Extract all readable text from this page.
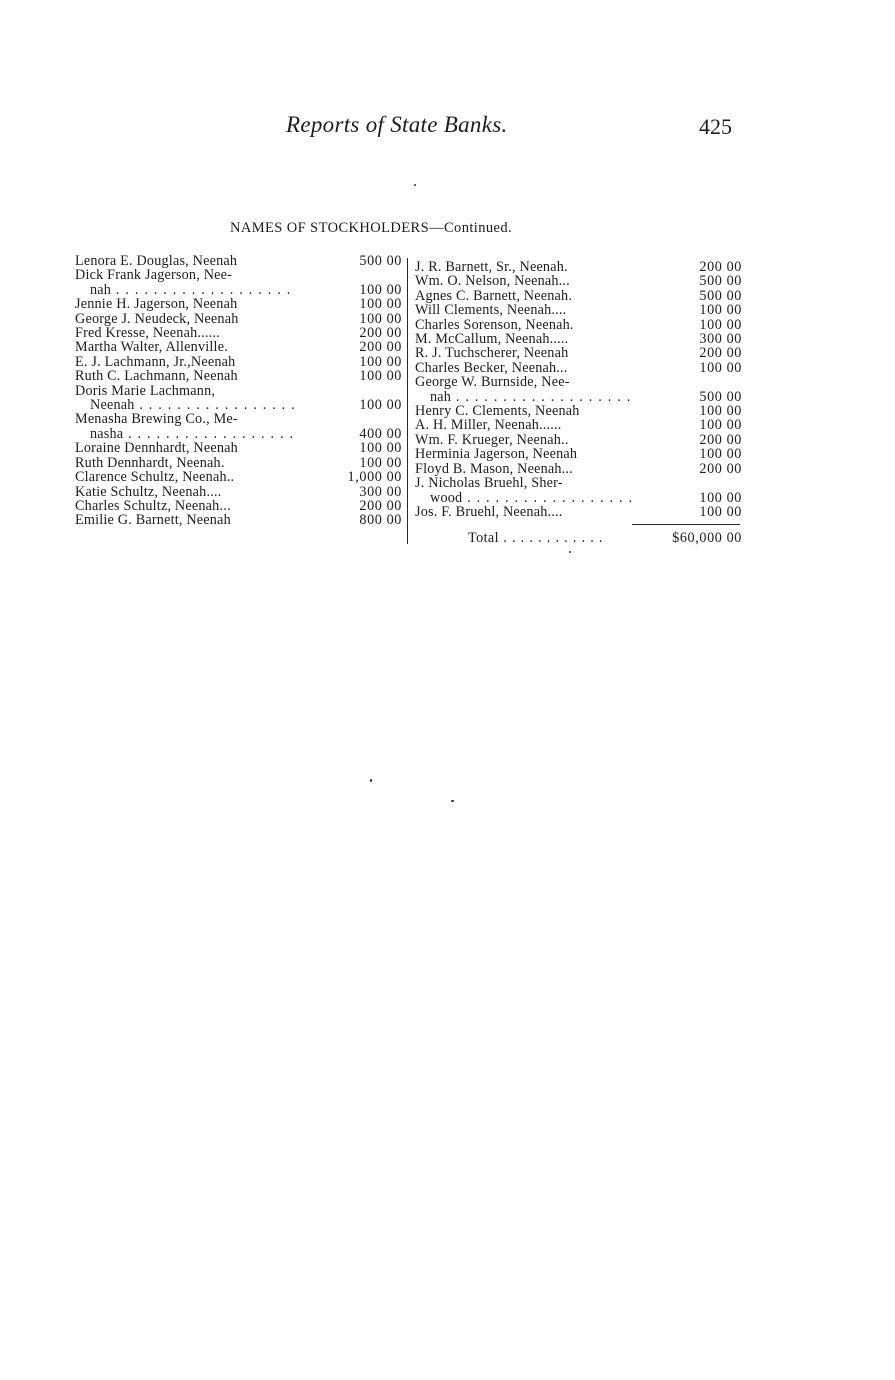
Reports of State Banks.	425
NAMES OF STOCKHOLDERS—Continued.
Lenora E. Douglas, Neenah	500 00
Dick Frank Jagerson, Nee-
nah . . .	100 00
Jennie H. Jagerson, Neenah	100 00
George J. Neudeck, Neenah	100 00
Fred Kresse, Neenah......	200 00
Martha Walter, Allenville.	200 00
E. J. Lachmann, Jr.,Neenah	100 00
Ruth C. Lachmann, Neenah	100 00
Doris Marie Lachmann,
Neenah . . .	100 00
Menasha Brewing Co., Me-
nasha . . .	400 00
Loraine Dennhardt, Neenah	100 00
Ruth Dennhardt, Neenah.	100 00
Clarence Schultz, Neenah..	1,000 00
Katie Schultz, Neenah....	300 00
Charles Schultz, Neenah...	200 00
Emilie G. Barnett, Neenah	800 00
J. R. Barnett, Sr., Neenah.	200 00
Wm. O. Nelson, Neenah...	500 00
Agnes C. Barnett, Neenah.	500 00
Will Clements, Neenah....	100 00
Charles Sorenson, Neenah.	100 00
M. McCallum, Neenah.....	300 00
R. J. Tuchscherer, Neenah	200 00
Charles Becker, Neenah...	100 00
George W. Burnside, Nee-
nah . . .	500 00
Henry C. Clements, Neenah	100 00
A. H. Miller, Neenah......	100 00
Wm. F. Krueger, Neenah..	200 00
Herminia Jagerson, Neenah	100 00
Floyd B. Mason, Neenah...	200 00
J. Nicholas Bruehl, Sher-
wood . . .	100 00
Jos. F. Bruehl, Neenah....	100 00
Total . . .	$60,000 00
